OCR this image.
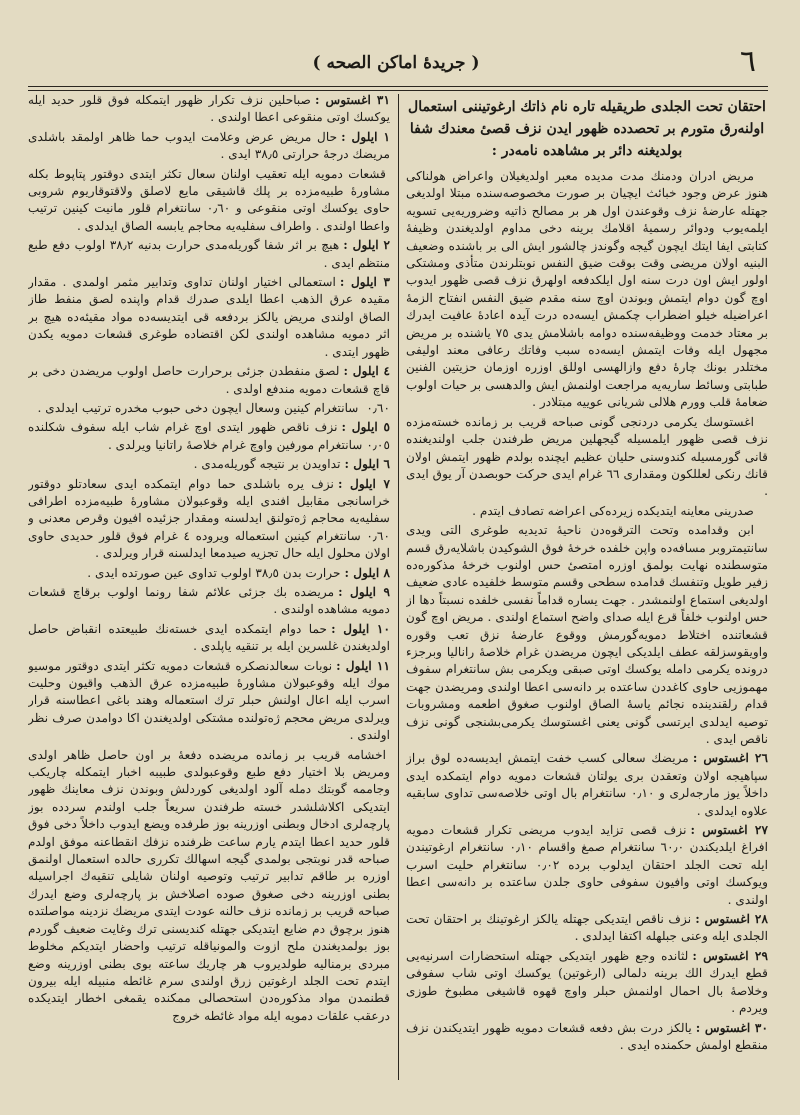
٦
( جريدهٔ اماكن الصحه )
احتقان تحت الجلدی طریقیله تاره نام ذاتك ارغوتیننی استعمال اولنه‌رق متورم بر تحصدده ظهور ایدن نزف قصیٔ معندك شفا بولدیغنه دائر بر مشاهده نامه‌در :

مریض ادران ودمنك مدت مدیده معبر اولدیغیلان واعراض هولناكی هنوز عرض وجود خبائث ایچیان بر صورت مخصوصه‌سنده مبتلا اولدیغی جهتله عارضهٔ نزف وقوعندن اول هر بر مصالح ذاتیه وضروریه‌یی تسویه ایلمه‌یوب ودوائر رسمیهٔ اقلامك برینه دخی مداوم اولدیغندن وظیفهٔ كتابتی ایفا ایتك ایچون گیجه وگوندز چالشور ایش الی بر باشنده وضعیف البنیه اولان مریضی وقت بوقت ضیق النفس نوبتلرندن متأذی ومشتكی اولور ایش اون درت سنه اول ایلكدفعه اولهرق نزف قصی ظهور ایدوب اوچ گون دوام ایتمش وبوندن اوچ سنه مقدم ضیق النفس انفتاح الزمهٔ اعراضیله خیلو اضطراب چكمش ایسه‌ده درت آیدہ اعادهٔ عافیت ایدرك بر معتاد خدمت ووظیفه‌سنده دوامه باشلامش یدی ٧٥ یاشنده بر مریض مجهول ایله وفات ایتمش ایسه‌ده سبب وفاتك رعافی معند اولیفی مختلدر بونك چارهٔ دفع وازالهسی اوللق اوزره اوزمان حزیتین الفنین طبابتی وسائط ساریه‌یه مراجعت اولنمش ایش والدهسی بر حیات اولوب ضعامهٔ قلب وورم هلالی شریانی عوییه مبتلادر .

اغستوسك یكرمی دردنجی گونی صباحه قریب بر زمانده خسته‌مزده نزف قصی ظهور ایلمسیله گیجهلین مریض طرفندن جلب اولندیغنده قانی گورمسیله كندوسنی حلیان عظیم ایچنده بولدم ظهور ایتمش اولان قانك رنكی لعللكون ومقداری ٦٦ غرام ایدی حرکت حوبصدن آر یوق ایدی .

صدرینی معاینه ایتدیكده زیرده‌كی اعراضه تصادف ایتدم .

ابن وقدامده وتحت الترقوه‌دن ناحیهٔ تدیدیه طوغری التی ویدی سانتیمتروبر مسافه‌ده واپن خلفده خرخهٔ فوق الشوكیدن باشلایه‌رق قسم متوسطنده نهایت بولمق اوزره امتصیٔ حس اولنوب خرخهٔ مذكوره‌ده زفیر طویل وتنفسك قدامده سطحی وقسم متوسط خلفیده عادی ضعیف اولدیغی استماع اولنمشدر . جهت یساره قداماً نفسی خلفده نسبتاً دها از حس اولنوب خلفاً قرع ایله صدای واضح استماع اولندی . مریض اوچ گون قشعاتنده اختلاط دمویه‌گورمش ووقوع عارضهٔ نزق تعب وقوره واویقوسزلقه عطف ایلدیكی ایچون مریضدن غرام خلاصهٔ رانالیا وبرجزء درونده یكرمی دامله یوكسك اوتی صبقی ویكرمی بش سانتغرام سفوف مهموزیی حاوی كاغددن ساعتده بر دانه‌سی اعطا اولندی ومریضدن جهت قدام رلقندینده نجائم یاسهٔ الصاق اولنوب صغوق اطعمه ومشروبات توصیه ایدلدی ایرتسی گونی یعنی اغستوسك یكرمی‌بشنجی گونی نزف ناقص ایدی .

٢٦ اغستوس :مریضك سعالی كسب خفت ایتمش ایدیسه‌ده لوق براز سپاهیجه اولان وتعقدن بری یولتان قشعات دمویه دوام ایتمكده ایدی داخلاً یوز مارجه‌لری و ٠٫١٠ سانتغرام بال اوتی خلاصه‌سی تداوی سابقیه علاوه ایدلدی .

٢٧ اغستوس :نزف قصی تزاید ایدوب مریضی تكرار قشعات دمویه افراغ ایلدیكندن ٦٠٫٠ سانتغرام صمغ واقسام ٠٫١٠ سانتغرام ارغوتیندن ایله تحت الجلد احتقان ایدلوب برده ٠٫٠٢ سانتغرام حلیت اسرب ویوكسك اوتی وافیون سفوفی حاوی جلدن ساعتده بر دانه‌سی اعطا اولندی .

٢٨ اغستوس :نزف ناقص ایتدیكی جهتله یالكز ارغوتینك بر احتقان تحت الجلدی ایله وعنی جبلهله اكتفا ایدلدی .

٢٩ اغستوس :لثانده وجع ظهور ایتدیكی جهتله استحضارات اسرنیه‌یی قطع ایدرك الك برینه دلمالی (ارغوتین) یوكسك اوتی شاب سفوفی وخلاصهٔ بال احمال اولنمش حبلر واوچ قهوه قاشیغی مطبوخ طوزی ویردم .

٣٠ اغستوس :یالكز درت بش دفعه قشعات دمویه ظهور ایتدیكندن نزف منقطع اولمش حكمنده ایدی .

٣١ اغستوس :صباحلین نزف تكرار ظهور ایتمكله فوق قلور حدید ایله یوكسك اوتی منقوعی اعطا اولندی .

١ ایلول :حال مریض عرض وعلامت ایدوب حما ظاهر اولمقد باشلدی مریضك درجهٔ حرارتی ٣٨٫٥ ایدی .

قشعات دمویه ایله تعقیب اولنان سعال تكثر ایتدی دوقتور پتاپوط بكله مشاورهٔ طبیه‌مزده بر پلك قاشیقی مایع لاصلق ولاقتوقاریوم شروبی حاوی یوكسك اوتی منقوعی و ٠٫٦٠ سانتغرام قلور مانیت كینین ترتیب واعطا اولندی . واطراف سفلیه‌یه محاجم یابسه الصاق ایدلدی .

٢ ایلول :هیچ بر اثر شفا گوریله‌مدی حرارت بدنیه ٣٨٫٢ اولوب دفع طبع منتظم ایدی .

٣ ایلول :استعمالی اختیار اولنان تداوی وتدابیر مثمر اولمدی . مقدار مقیدہ عرق الذهب اعطا ایلدی صدرك قدام واپنده لصق منفط طاز الصاق اولندی مریض یالكز بردفعه قی ایتدیسه‌ده مواد مقیئه‌ده هیچ بر اثر دمویه مشاهده اولندی لكن اقتضاده طوغری قشعات دمویه یكدن ظهور ایتدی .

٤ ایلول :لصق منفطدن جزئی برحرارت حاصل اولوب مریضدن دخی بر قاچ قشعات دمویه مندفع اولدی .

٠٫٦٠ سانتغرام كینین وسعال ایچون دخی حبوب مخدره ترتیب ایدلدی .

٥ ایلول :نزف ناقص ظهور ایتدی اوچ غرام شاب ایله سفوف شكلنده ٠٫٠٥ سانتغرام مورفین واوچ غرام خلاصهٔ راتانیا ویرلدی .

٦ ایلول :تداویدن بر نتیجه گوریله‌مدی .

٧ ایلول :نزف یره باشلدی حما دوام ایتمكده ایدی سعادتلو دوقتور خراسانجی مقابیل افندی ایله وقوعبولان مشاورهٔ طبیه‌مزده اطرافی سفلیه‌یه محاجم ژه‌تولنق ایدلسنه ومقدار جزئیده افیون وقرص معدنی و ٠٫٦٠ سانتغرام كینین استعماله ویروده ٤ غرام فوق قلور حدیدی حاوی اولان محلول ایله حال تجزیه صیدمعا ایدلسنه قرار ویرلدی .

٨ ایلول :حرارت بدن ٣٨٫٥ اولوب تداوی عین صورتده ایدی .

٩ ایلول :مریضده بك جزئی علائم شفا رونما اولوب برقاچ قشعات دمویه مشاهده اولندی .

١٠ ایلول :حما دوام ایتمكده ایدی خسته‌نك طبیعتده انقباض حاصل اولدیغندن غلسرین ایله بر تنقیه یاپلدی .

١١ ایلول :نوبات سعالدنصكره قشعات دمویه تكثر ایتدی دوقتور موسیو موك ایله وقوعبولان مشاورهٔ طبیه‌مزده عرق الذهب واقیون وحلیت اسرب ایله اعال اولنش حبلر ترك استعماله وهند باغی اعطاسنه قرار ویرلدی مریض محجم ژه‌تولنده مشتكی اولدیغندن اكا دوامدن صرف نظر اولندی .

اخشامه قریب بر زمانده مریضده دفعهٔ بر اون حاصل ظاهر اولدی ومریض بلا اختیار دفع طبع وقوعبولدی طبیبه اخبار ایتمكله چاریكب وجاممه گوبتك دمله آلود اولدیغی كوردلش وبوندن نزف معاینك ظهور ایتدیكی اكلاشلشدر خسته طرفندن سریعاً جلب اولندم سردده بوز پارچه‌لری ادخال وبطنی اوزرینه بوز طرفده ویضع ایدوب داخلاً دخی فوق قلور حدید اعطا ایتدم یارم ساعت ظرفنده نزفك انقطاعنه موفق اولدم صباحه قدر نوبتجی بولمدی گیجه اسهالك تكرری حالده استعمال اولنمق اوزره بر طاقم تدابیر ترتیب وتوصیه اولنان شایلی تنقیه‌ك اجراسیله بطنی اوزرینه دخی صغوق صوده اصلاخش بز پارچه‌لری وضع ایدرك صباحه قریب بر زمانده نزف حالنه عودت ایتدی مریضك نزدینه مواصلتده هنوز برچوق دم ضایع ایتدیكی جهتله كندیسنی ترك وغایت ضعیف گوردم بوز بولمدیغندن ملح ازوت والمونیاقله ترتیب واحضار ایتدیكم مخلوط مبردی برمنالیه طولدیروب هر چاریك ساعته بوی بطنی اوزرینه وضع ایتدم تحت الجلد ارغوتین زرق اولندی سرم غائطه منبیله ایله بیرون قطنمدن مواد مذكوره‌دن استحصالی ممكنده یقمغی اخطار ایتدیكده درعقب علقات دمویه ایله مواد غائطه خروج
